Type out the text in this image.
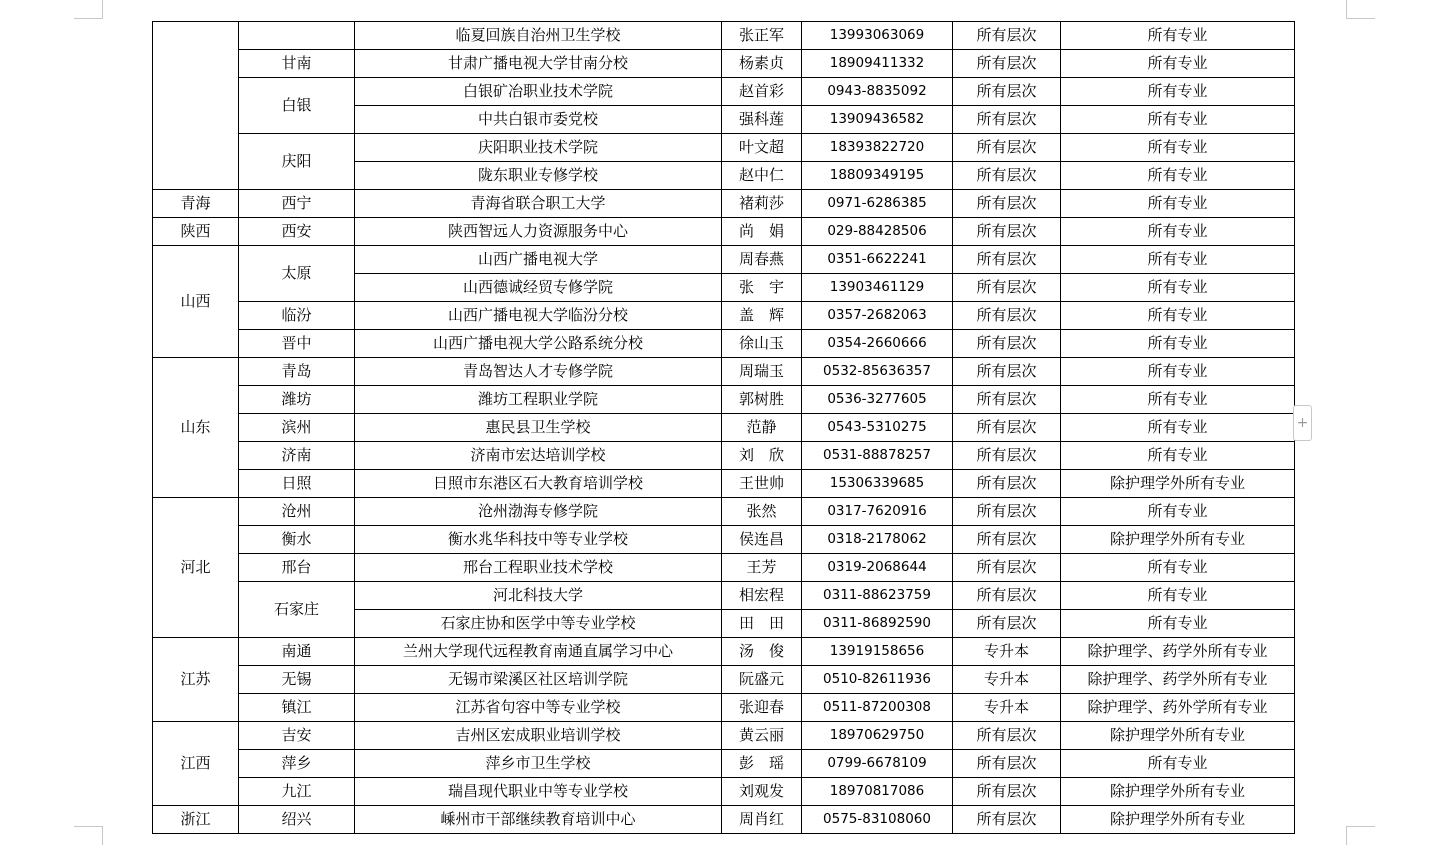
		临夏回族自治州卫生学校	张正军	13993063069	所有层次	所有专业
	甘南	甘肃广播电视大学甘南分校	杨素贞	18909411332	所有层次	所有专业
	白银	白银矿冶职业技术学院	赵首彩	0943-8835092	所有层次	所有专业
		中共白银市委党校	强科莲	13909436582	所有层次	所有专业
	庆阳	庆阳职业技术学院	叶文超	18393822720	所有层次	所有专业
		陇东职业专修学校	赵中仁	18809349195	所有层次	所有专业
青海	西宁	青海省联合职工大学	褚莉莎	0971-6286385	所有层次	所有专业
陕西	西安	陕西智远人力资源服务中心	尚　娟	029-88428506	所有层次	所有专业
山西	太原	山西广播电视大学	周春燕	0351-6622241	所有层次	所有专业
		山西德诚经贸专修学院	张　宇	13903461129	所有层次	所有专业
	临汾	山西广播电视大学临汾分校	盖　辉	0357-2682063	所有层次	所有专业
	晋中	山西广播电视大学公路系统分校	徐山玉	0354-2660666	所有层次	所有专业
山东	青岛	青岛智达人才专修学院	周瑞玉	0532-85636357	所有层次	所有专业
	潍坊	潍坊工程职业学院	郭树胜	0536-3277605	所有层次	所有专业
	滨州	惠民县卫生学校	范静	0543-5310275	所有层次	所有专业
	济南	济南市宏达培训学校	刘　欣	0531-88878257	所有层次	所有专业
	日照	日照市东港区石大教育培训学校	王世帅	15306339685	所有层次	除护理学外所有专业
河北	沧州	沧州渤海专修学院	张然	0317-7620916	所有层次	所有专业
	衡水	衡水兆华科技中等专业学校	侯连昌	0318-2178062	所有层次	除护理学外所有专业
	邢台	邢台工程职业技术学校	王芳	0319-2068644	所有层次	所有专业
	石家庄	河北科技大学	相宏程	0311-88623759	所有层次	所有专业
		石家庄协和医学中等专业学校	田　田	0311-86892590	所有层次	所有专业
江苏	南通	兰州大学现代远程教育南通直属学习中心	汤　俊	13919158656	专升本	除护理学、药学外所有专业
	无锡	无锡市梁溪区社区培训学院	阮盛元	0510-82611936	专升本	除护理学、药学外所有专业
	镇江	江苏省句容中等专业学校	张迎春	0511-87200308	专升本	除护理学、药外学所有专业
江西	吉安	吉州区宏成职业培训学校	黄云丽	18970629750	所有层次	除护理学外所有专业
	萍乡	萍乡市卫生学校	彭　瑶	0799-6678109	所有层次	所有专业
	九江	瑞昌现代职业中等专业学校	刘观发	18970817086	所有层次	除护理学外所有专业
浙江	绍兴	嵊州市干部继续教育培训中心	周肖红	0575-83108060	所有层次	除护理学外所有专业
+
